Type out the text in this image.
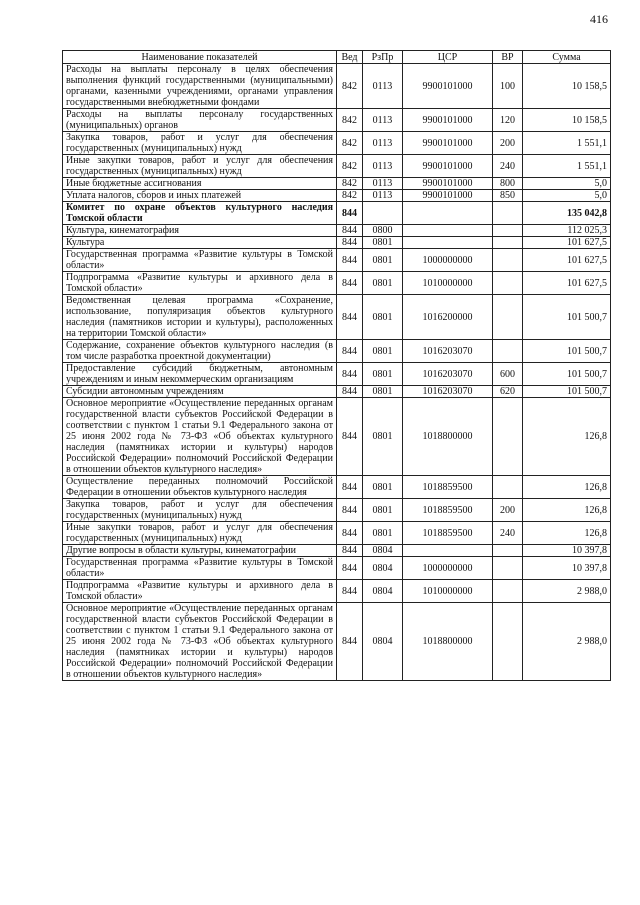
416
Наименование показателей	Вед	РзПр	ЦСР	ВР	Сумма
Расходы на выплаты персоналу в целях обеспечения выполнения функций государственными (муниципальными) органами, казенными учреждениями, органами управления государственными внебюджетными фондами	842	0113	9900101000	100	10 158,5
Расходы на выплаты персоналу государственных (муниципальных) органов	842	0113	9900101000	120	10 158,5
Закупка товаров, работ и услуг для обеспечения государственных (муниципальных) нужд	842	0113	9900101000	200	1 551,1
Иные закупки товаров, работ и услуг для обеспечения государственных (муниципальных) нужд	842	0113	9900101000	240	1 551,1
Иные бюджетные ассигнования	842	0113	9900101000	800	5,0
Уплата налогов, сборов и иных платежей	842	0113	9900101000	850	5,0
Комитет по охране объектов культурного наследия Томской области	844				135 042,8
Культура, кинематография	844	0800			112 025,3
Культура	844	0801			101 627,5
Государственная программа «Развитие культуры в Томской области»	844	0801	1000000000		101 627,5
Подпрограмма «Развитие культуры и архивного дела в Томской области»	844	0801	1010000000		101 627,5
Ведомственная целевая программа «Сохранение, использование, популяризация объектов культурного наследия (памятников истории и культуры), расположенных на территории Томской области»	844	0801	1016200000		101 500,7
Содержание, сохранение объектов культурного наследия (в том числе разработка проектной документации)	844	0801	1016203070		101 500,7
Предоставление субсидий бюджетным, автономным учреждениям и иным некоммерческим организациям	844	0801	1016203070	600	101 500,7
Субсидии автономным учреждениям	844	0801	1016203070	620	101 500,7
Основное мероприятие «Осуществление переданных органам государственной власти субъектов Российской Федерации в соответствии с пунктом 1 статьи 9.1 Федерального закона от 25 июня 2002 года № 73-ФЗ «Об объектах культурного наследия (памятниках истории и культуры) народов Российской Федерации» полномочий Российской Федерации в отношении объектов культурного наследия»	844	0801	1018800000		126,8
Осуществление переданных полномочий Российской Федерации в отношении объектов культурного наследия	844	0801	1018859500		126,8
Закупка товаров, работ и услуг для обеспечения государственных (муниципальных) нужд	844	0801	1018859500	200	126,8
Иные закупки товаров, работ и услуг для обеспечения государственных (муниципальных) нужд	844	0801	1018859500	240	126,8
Другие вопросы в области культуры, кинематографии	844	0804			10 397,8
Государственная программа «Развитие культуры в Томской области»	844	0804	1000000000		10 397,8
Подпрограмма «Развитие культуры и архивного дела в Томской области»	844	0804	1010000000		2 988,0
Основное мероприятие «Осуществление переданных органам государственной власти субъектов Российской Федерации в соответствии с пунктом 1 статьи 9.1 Федерального закона от 25 июня 2002 года № 73-ФЗ «Об объектах культурного наследия (памятниках истории и культуры) народов Российской Федерации» полномочий Российской Федерации в отношении объектов культурного наследия»	844	0804	1018800000		2 988,0
